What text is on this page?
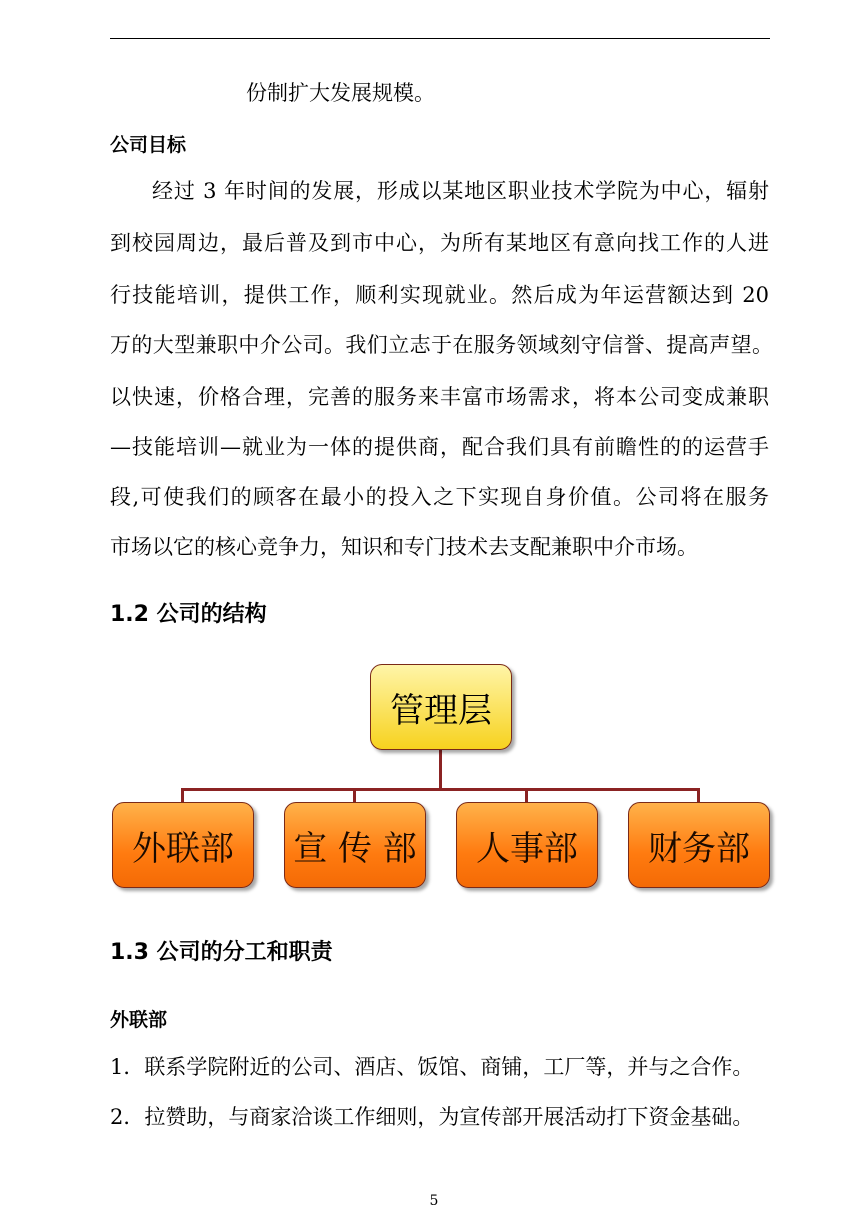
份制扩大发展规模。
公司目标
经过 3 年时间的发展，形成以某地区职业技术学院为中心，辐射
到校园周边，最后普及到市中心，为所有某地区有意向找工作的人进
行技能培训，提供工作，顺利实现就业。然后成为年运营额达到 20
万的大型兼职中介公司。我们立志于在服务领域刻守信誉、提高声望。
以快速，价格合理，完善的服务来丰富市场需求，将本公司变成兼职
—技能培训—就业为一体的提供商，配合我们具有前瞻性的的运营手
段,可使我们的顾客在最小的投入之下实现自身价值。公司将在服务
市场以它的核心竞争力，知识和专门技术去支配兼职中介市场。
1.2 公司的结构
管理层
外联部	宣 传 部	人事部	财务部
1.3 公司的分工和职责
外联部
1．联系学院附近的公司、酒店、饭馆、商铺，工厂等，并与之合作。
2．拉赞助，与商家洽谈工作细则，为宣传部开展活动打下资金基础。
5
